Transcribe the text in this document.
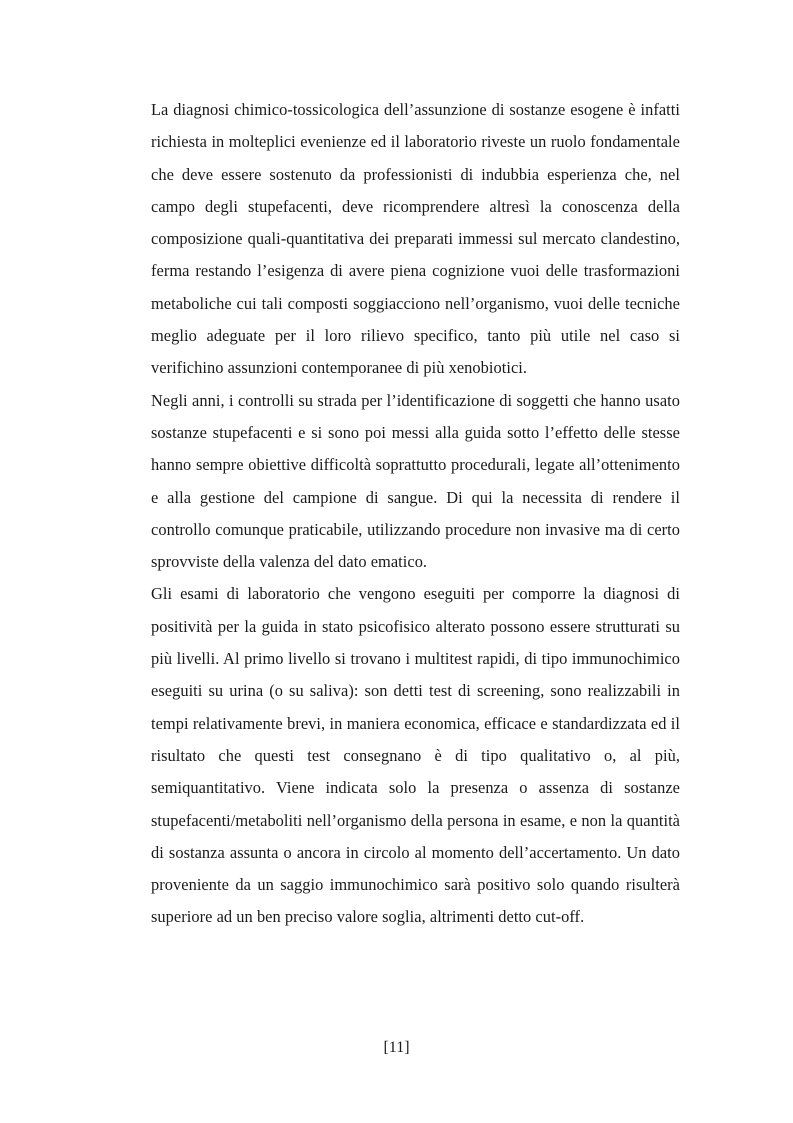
La diagnosi chimico-tossicologica dell’assunzione di sostanze esogene è infatti richiesta in molteplici evenienze ed il laboratorio riveste un ruolo fondamentale che deve essere sostenuto da professionisti di indubbia esperienza che, nel campo degli stupefacenti, deve ricomprendere altresì la conoscenza della composizione quali-quantitativa dei preparati immessi sul mercato clandestino, ferma restando l’esigenza di avere piena cognizione vuoi delle trasformazioni metaboliche cui tali composti soggiacciono nell’organismo, vuoi delle tecniche meglio adeguate per il loro rilievo specifico, tanto più utile nel caso si verifichino assunzioni contemporanee di più xenobiotici.

Negli anni, i controlli su strada per l’identificazione di soggetti che hanno usato sostanze stupefacenti e si sono poi messi alla guida sotto l’effetto delle stesse hanno sempre obiettive difficoltà soprattutto procedurali, legate all’ottenimento e alla gestione del campione di sangue. Di qui la necessita di rendere il controllo comunque praticabile, utilizzando procedure non invasive ma di certo sprovviste della valenza del dato ematico.

Gli esami di laboratorio che vengono eseguiti per comporre la diagnosi di positività per la guida in stato psicofisico alterato possono essere strutturati su più livelli. Al primo livello si trovano i multitest rapidi, di tipo immunochimico eseguiti su urina (o su saliva): son detti test di screening, sono realizzabili in tempi relativamente brevi, in maniera economica, efficace e standardizzata ed il risultato che questi test consegnano è di tipo qualitativo o, al più, semiquantitativo. Viene indicata solo la presenza o assenza di sostanze stupefacenti/metaboliti nell’organismo della persona in esame, e non la quantità di sostanza assunta o ancora in circolo al momento dell’accertamento. Un dato proveniente da un saggio immunochimico sarà positivo solo quando risulterà superiore ad un ben preciso valore soglia, altrimenti detto cut-off.

[11]
